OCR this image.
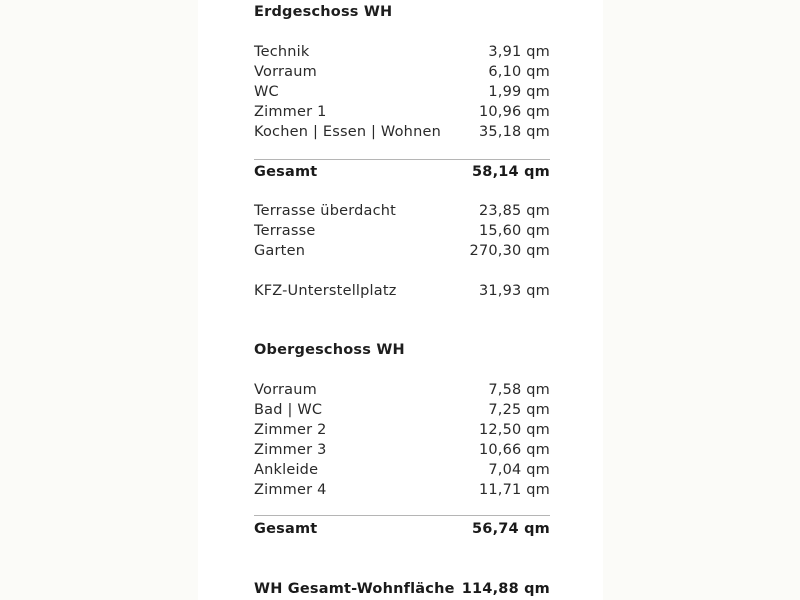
Erdgeschoss WH
Technik	3,91 qm
Vorraum	6,10 qm
WC	1,99 qm
Zimmer 1	10,96 qm
Kochen | Essen | Wohnen	35,18 qm
Gesamt	58,14 qm
Terrasse überdacht	23,85 qm
Terrasse	15,60 qm
Garten	270,30 qm
KFZ-Unterstellplatz	31,93 qm
Obergeschoss WH
Vorraum	7,58 qm
Bad | WC	7,25 qm
Zimmer 2	12,50 qm
Zimmer 3	10,66 qm
Ankleide	7,04 qm
Zimmer 4	11,71 qm
Gesamt	56,74 qm
WH Gesamt-Wohnfläche 114,88 qm
